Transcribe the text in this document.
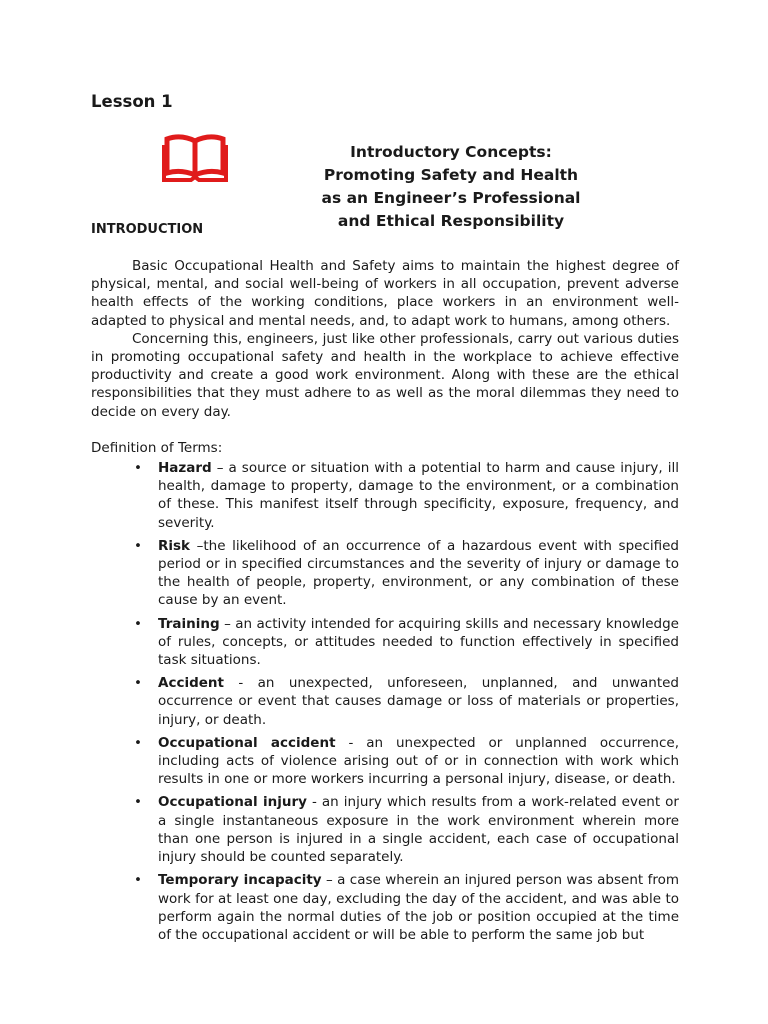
Lesson 1
Introductory Concepts:
Promoting Safety and Health
as an Engineer’s Professional
and Ethical Responsibility
INTRODUCTION

Basic Occupational Health and Safety aims to maintain the highest degree of physical, mental, and social well-being of workers in all occupation, prevent adverse health effects of the working conditions, place workers in an environment well-adapted to physical and mental needs, and, to adapt work to humans, among others.

Concerning this, engineers, just like other professionals, carry out various duties in promoting occupational safety and health in the workplace to achieve effective productivity and create a good work environment. Along with these are the ethical responsibilities that they must adhere to as well as the moral dilemmas they need to decide on every day.

Definition of Terms:

• Hazard – a source or situation with a potential to harm and cause injury, ill health, damage to property, damage to the environment, or a combination of these. This manifest itself through specificity, exposure, frequency, and severity.
• Risk –the likelihood of an occurrence of a hazardous event with specified period or in specified circumstances and the severity of injury or damage to the health of people, property, environment, or any combination of these cause by an event.
• Training – an activity intended for acquiring skills and necessary knowledge of rules, concepts, or attitudes needed to function effectively in specified task situations.
• Accident - an unexpected, unforeseen, unplanned, and unwanted occurrence or event that causes damage or loss of materials or properties, injury, or death.
• Occupational accident - an unexpected or unplanned occurrence, including acts of violence arising out of or in connection with work which results in one or more workers incurring a personal injury, disease, or death.
• Occupational injury - an injury which results from a work-related event or a single instantaneous exposure in the work environment wherein more than one person is injured in a single accident, each case of occupational injury should be counted separately.
• Temporary incapacity – a case wherein an injured person was absent from work for at least one day, excluding the day of the accident, and was able to perform again the normal duties of the job or position occupied at the time of the occupational accident or will be able to perform the same job but
